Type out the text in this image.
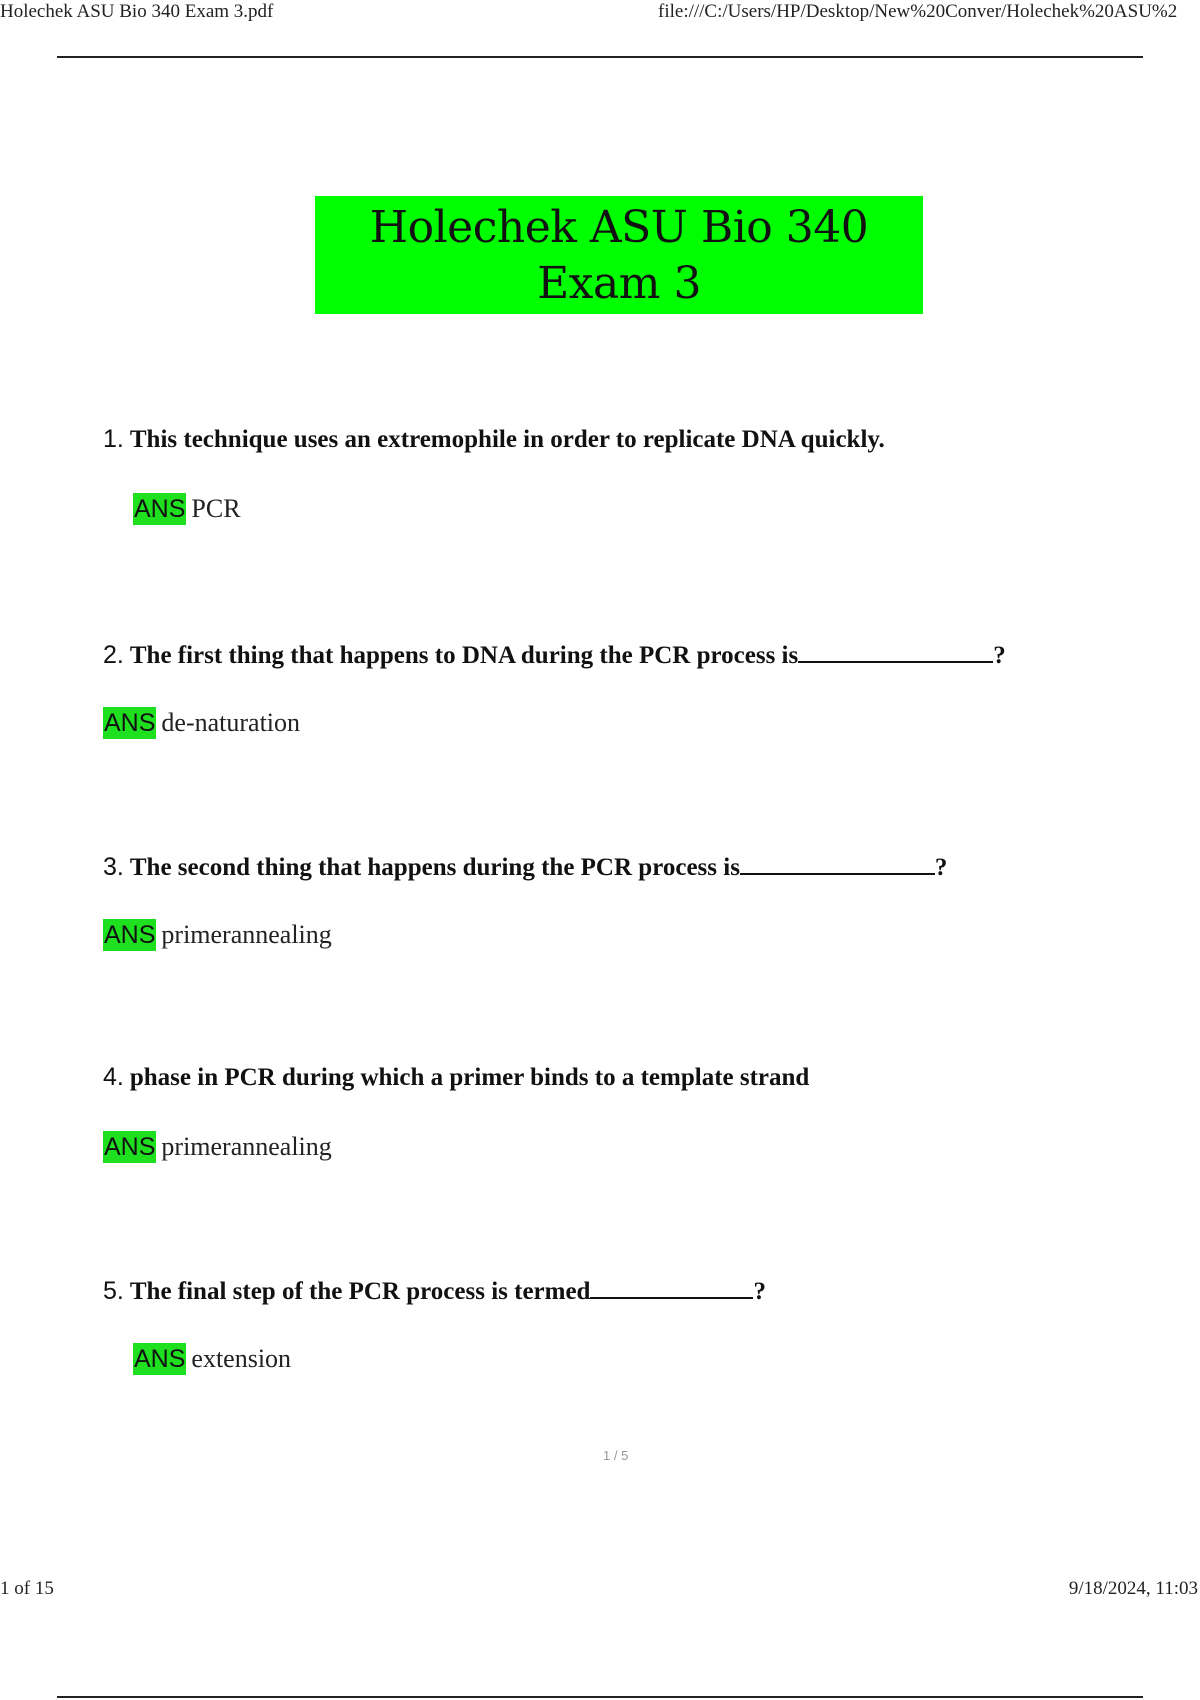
Holechek ASU Bio 340 Exam 3.pdf	file:///C:/Users/HP/Desktop/New%20Conver/Holechek%20ASU%2
Holechek ASU Bio 340 Exam 3
1. This technique uses an extremophile in order to replicate DNA quickly.
ANS PCR
2. The first thing that happens to DNA during the PCR process is	?
ANS de-naturation
3. The second thing that happens during the PCR process is	?
ANS primerannealing
4. phase in PCR during which a primer binds to a template strand
ANS primerannealing
5. The final step of the PCR process is termed	?
ANS extension
1 / 5
1 of 15	9/18/2024, 11:03
